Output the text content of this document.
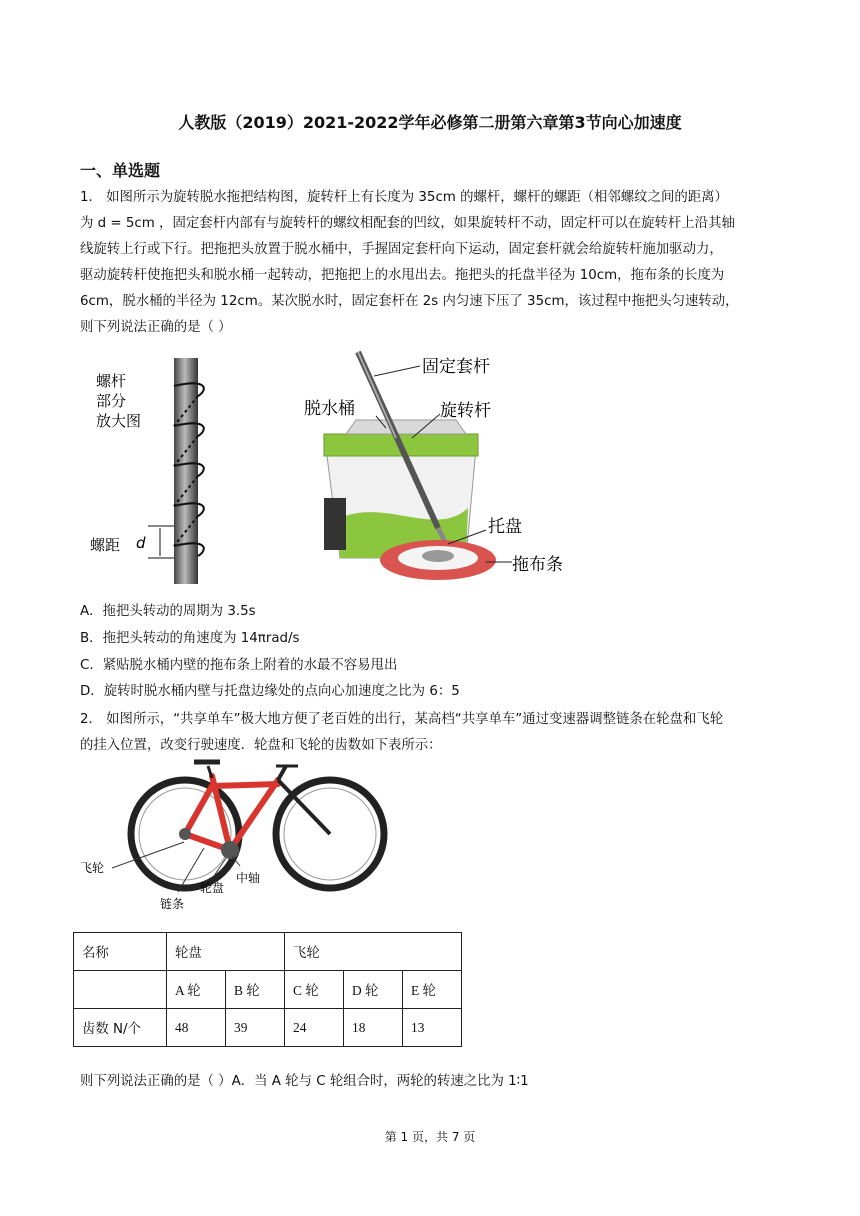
人教版（2019）2021-2022学年必修第二册第六章第3节向心加速度
一、单选题
1． 如图所示为旋转脱水拖把结构图，旋转杆上有长度为 35cm 的螺杆，螺杆的螺距（相邻螺纹之间的距离）
为 d = 5cm ，固定套杆内部有与旋转杆的螺纹相配套的凹纹，如果旋转杆不动，固定杆可以在旋转杆上沿其轴
线旋转上行或下行。把拖把头放置于脱水桶中，手握固定套杆向下运动，固定套杆就会给旋转杆施加驱动力，
驱动旋转杆使拖把头和脱水桶一起转动，把拖把上的水甩出去。拖把头的托盘半径为 10cm，拖布条的长度为
6cm，脱水桶的半径为 12cm。某次脱水时，固定套杆在 2s 内匀速下压了 35cm，该过程中拖把头匀速转动，
则下列说法正确的是（ ）
螺杆
部分
放大图
螺距 d
固定套杆
脱水桶	旋转杆
托盘
拖布条
A．拖把头转动的周期为 3.5s
B．拖把头转动的角速度为 14πrad/s
C．紧贴脱水桶内壁的拖布条上附着的水最不容易甩出
D．旋转时脱水桶内壁与托盘边缘处的点向心加速度之比为 6：5
2． 如图所示，“共享单车”极大地方便了老百姓的出行，某高档“共享单车”通过变速器调整链条在轮盘和飞轮
的挂入位置，改变行驶速度．轮盘和飞轮的齿数如下表所示：
飞轮
链条
轮盘
中轴
名称	轮盘		飞轮		
	A 轮	B 轮	C 轮	D 轮	E 轮
齿数 N/个	48	39	24	18	13
则下列说法正确的是（ ）A．当 A 轮与 C 轮组合时，两轮的转速之比为 1∶1
第 1 页，共 7 页
